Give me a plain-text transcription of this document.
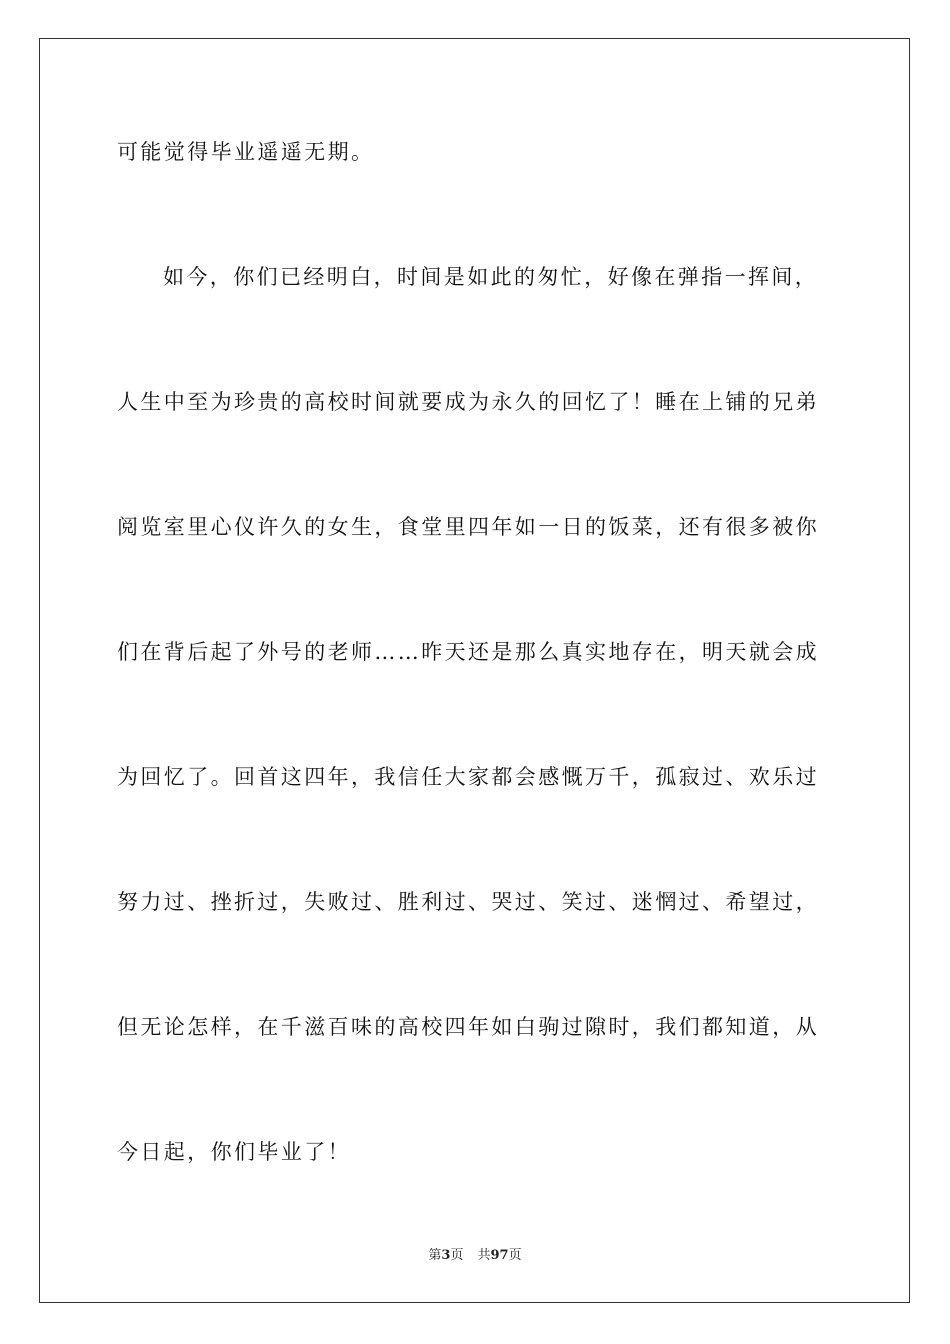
可能觉得毕业遥遥无期。
如今，你们已经明白，时间是如此的匆忙，好像在弹指一挥间，
人生中至为珍贵的高校时间就要成为永久的回忆了！睡在上铺的兄弟
阅览室里心仪许久的女生，食堂里四年如一日的饭菜，还有很多被你
们在背后起了外号的老师……昨天还是那么真实地存在，明天就会成
为回忆了。回首这四年，我信任大家都会感慨万千，孤寂过、欢乐过
努力过、挫折过，失败过、胜利过、哭过、笑过、迷惘过、希望过，
但无论怎样，在千滋百味的高校四年如白驹过隙时，我们都知道，从
今日起，你们毕业了！
第3页 共97页
